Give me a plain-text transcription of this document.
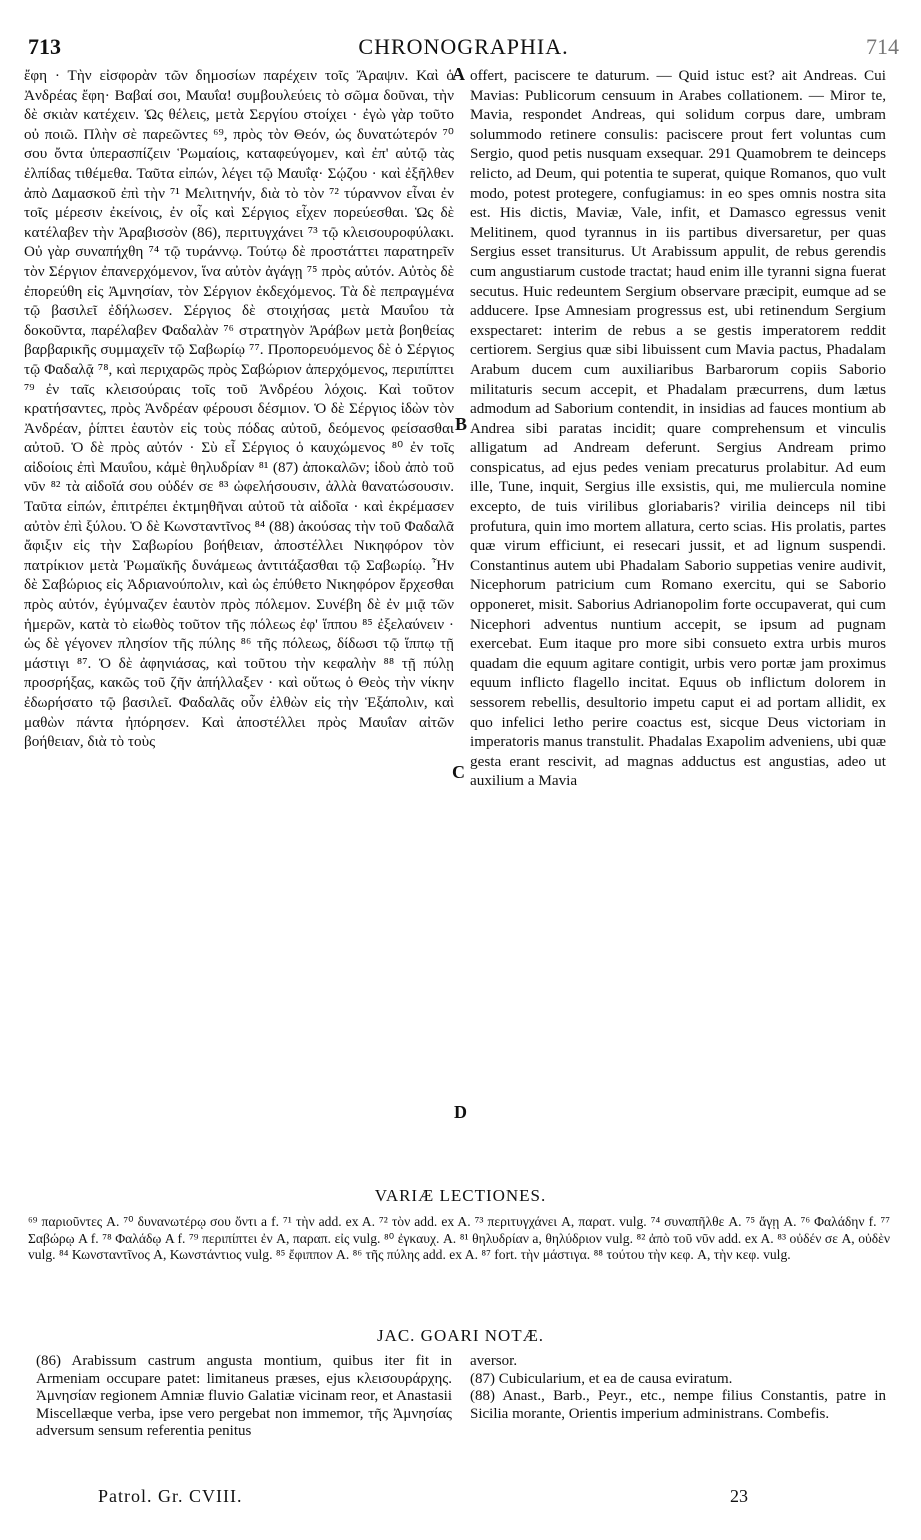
713	CHRONOGRAPHIA.	714

ἔφη · Τὴν εἰσφορὰν τῶν δημοσίων παρέχειν τοῖς Ἄραψιν. Καὶ ὁ Ἀνδρέας ἔφη· Βαβαί σοι, Μαυΐα! συμβουλεύεις τὸ σῶμα δοῦναι, τὴν δὲ σκιὰν κατέχειν. Ὡς θέλεις, μετὰ Σεργίου στοίχει · ἐγὼ γὰρ τοῦτο οὐ ποιῶ. Πλὴν σὲ παρεῶντες ⁶⁹, πρὸς τὸν Θεόν, ὡς δυνατώτερόν ⁷⁰ σου ὄντα ὑπερασπίζειν Ῥωμαίοις, καταφεύγομεν, καὶ ἐπ' αὐτῷ τὰς ἐλπίδας τιθέμεθα. Ταῦτα εἰπών, λέγει τῷ Μαυΐᾳ· Σῴζου · καὶ ἐξῆλθεν ἀπὸ Δαμασκοῦ ἐπὶ τὴν ⁷¹ Μελιτηνήν, διὰ τὸ τὸν ⁷² τύραννον εἶναι ἐν τοῖς μέρεσιν ἐκείνοις, ἐν οἷς καὶ Σέργιος εἶχεν πορεύεσθαι. Ὡς δὲ κατέλαβεν τὴν Ἀραβισσὸν (86), περιτυγχάνει ⁷³ τῷ κλεισουροφύλακι. Οὐ γὰρ συναπήχθη ⁷⁴ τῷ τυράννῳ. Τούτῳ δὲ προστάττει παρατηρεῖν τὸν Σέργιον ἐπανερχόμενον, ἵνα αὐτὸν ἀγάγῃ ⁷⁵ πρὸς αὐτόν. Αὐτὸς δὲ ἐπορεύθη εἰς Ἀμνησίαν, τὸν Σέργιον ἐκδεχόμενος. Τὰ δὲ πεπραγμένα τῷ βασιλεῖ ἐδήλωσεν. Σέργιος δὲ στοιχήσας μετὰ Μαυΐου τὰ δοκοῦντα, παρέλαβεν Φαδαλὰν ⁷⁶ στρατηγὸν Ἀράβων μετὰ βοηθείας βαρβαρικῆς συμμαχεῖν τῷ Σαβωρίῳ ⁷⁷. Προπορευόμενος δὲ ὁ Σέργιος τῷ Φαδαλᾷ ⁷⁸, καὶ περιχαρῶς πρὸς Σαβώριον ἀπερχόμενος, περιπίπτει ⁷⁹ ἐν ταῖς κλεισούραις τοῖς τοῦ Ἀνδρέου λόχοις. Καὶ τοῦτον κρατήσαντες, πρὸς Ἀνδρέαν φέρουσι δέσμιον. Ὁ δὲ Σέργιος ἰδὼν τὸν Ἀνδρέαν, ῥίπτει ἑαυτὸν εἰς τοὺς πόδας αὐτοῦ, δεόμενος φείσασθαι αὐτοῦ. Ὁ δὲ πρὸς αὐτόν · Σὺ εἶ Σέργιος ὁ καυχώμενος ⁸⁰ ἐν τοῖς αἰδοίοις ἐπὶ Μαυΐου, κἀμὲ θηλυδρίαν ⁸¹ (87) ἀποκαλῶν; ἰδοὺ ἀπὸ τοῦ νῦν ⁸² τὰ αἰδοῖά σου οὐδέν σε ⁸³ ὠφελήσουσιν, ἀλλὰ θανατώσουσιν. Ταῦτα εἰπών, ἐπιτρέπει ἐκτμηθῆναι αὐτοῦ τὰ αἰδοῖα · καὶ ἐκρέμασεν αὐτὸν ἐπὶ ξύλου. Ὁ δὲ Κωνσταντῖνος ⁸⁴ (88) ἀκούσας τὴν τοῦ Φαδαλᾶ ἄφιξιν εἰς τὴν Σαβωρίου βοήθειαν, ἀποστέλλει Νικηφόρον τὸν πατρίκιον μετὰ Ῥωμαϊκῆς δυνάμεως ἀντιτάξασθαι τῷ Σαβωρίῳ. Ἦν δὲ Σαβώριος εἰς Ἀδριανούπολιν, καὶ ὡς ἐπύθετο Νικηφόρον ἔρχεσθαι πρὸς αὐτόν, ἐγύμναζεν ἑαυτὸν πρὸς πόλεμον. Συνέβη δὲ ἐν μιᾷ τῶν ἡμερῶν, κατὰ τὸ εἰωθὸς τοῦτον τῆς πόλεως ἐφ' ἵππου ⁸⁵ ἐξελαύνειν · ὡς δὲ γέγονεν πλησίον τῆς πύλης ⁸⁶ τῆς πόλεως, δίδωσι τῷ ἵππῳ τῇ μάστιγι ⁸⁷. Ὁ δὲ ἀφηνιάσας, καὶ τοῦτου τὴν κεφαλὴν ⁸⁸ τῇ πύλῃ προσρήξας, κακῶς τοῦ ζῆν ἀπήλλαξεν · καὶ οὕτως ὁ Θεὸς τὴν νίκην ἐδωρήσατο τῷ βασιλεῖ. Φαδαλᾶς οὖν ἐλθὼν εἰς τὴν Ἑξάπολιν, καὶ μαθὼν πάντα ἠπόρησεν. Καὶ ἀποστέλλει πρὸς Μαυΐαν αἰτῶν βοήθειαν, διὰ τὸ τοὺς

offert, paciscere te daturum. — Quid istuc est? ait Andreas. Cui Mavias: Publicorum censuum in Arabes collationem. — Miror te, Mavia, respondet Andreas, qui solidum corpus dare, umbram solummodo retinere consulis: paciscere prout fert voluntas cum Sergio, quod petis nusquam exsequar. 291 Quamobrem te deinceps relicto, ad Deum, qui potentia te superat, quique Romanos, quo vult modo, potest protegere, confugiamus: in eo spes omnis nostra sita est. His dictis, Maviæ, Vale, infit, et Damasco egressus venit Melitinem, quod tyrannus in iis partibus diversaretur, per quas Sergius esset transiturus. Ut Arabissum appulit, de rebus gerendis cum angustiarum custode tractat; haud enim ille tyranni signa fuerat secutus. Huic redeuntem Sergium observare præcipit, eumque ad se adducere. Ipse Amnesiam progressus est, ubi retinendum Sergium exspectaret: interim de rebus a se gestis imperatorem reddit certiorem. Sergius quæ sibi libuissent cum Mavia pactus, Phadalam Arabum ducem cum auxiliaribus Barbarorum copiis Saborio militaturis secum accepit, et Phadalam præcurrens, dum lætus admodum ad Saborium contendit, in insidias ad fauces montium ab Andrea sibi paratas incidit; quare comprehensum et vinculis alligatum ad Andream deferunt. Sergius Andream primo conspicatus, ad ejus pedes veniam precaturus prolabitur. Ad eum ille, Tune, inquit, Sergius ille exsistis, qui, me muliercula nomine excepto, de tuis virilibus gloriabaris? virilia deinceps nil tibi profutura, quin imo mortem allatura, certo scias. His prolatis, partes quæ virum efficiunt, ei resecari jussit, et ad lignum suspendi. Constantinus autem ubi Phadalam Saborio suppetias venire audivit, Nicephorum patricium cum Romano exercitu, qui se Saborio opponeret, misit. Saborius Adrianopolim forte occupaverat, qui cum Nicephori adventus nuntium accepit, se ipsum ad pugnam exercebat. Eum itaque pro more sibi consueto extra urbis muros quadam die equum agitare contigit, urbis vero portæ jam proximus equum inflicto flagello incitat. Equus ob inflictum dolorem in sessorem rebellis, desultorio impetu caput ei ad portam allidit, ex quo infelici letho perire coactus est, sicque Deus victoriam in imperatoris manus transtulit. Phadalas Exapolim adveniens, ubi quæ gesta erant rescivit, ad magnas adductus est angustias, adeo ut auxilium a Mavia

A
B
C
D
VARIÆ LECTIONES.

⁶⁹ παριοῦντες A. ⁷⁰ δυνανωτέρῳ σου ὄντι a f. ⁷¹ τὴν add. ex A. ⁷² τὸν add. ex A. ⁷³ περιτυγχάνει A, παρατ. vulg. ⁷⁴ συναπῆλθε A. ⁷⁵ ἄγῃ A. ⁷⁶ Φαλάδην f. ⁷⁷ Σαβώρῳ A f. ⁷⁸ Φαλάδῳ A f. ⁷⁹ περιπίπτει ἐν A, παραπ. εἰς vulg. ⁸⁰ ἐγκαυχ. A. ⁸¹ θηλυδρίαν a, θηλύδριον vulg. ⁸² ἀπὸ τοῦ νῦν add. ex A. ⁸³ οὐδέν σε A, οὐδὲν vulg. ⁸⁴ Κωνσταντῖνος A, Κωνστάντιος vulg. ⁸⁵ ἔφιππον A. ⁸⁶ τῆς πύλης add. ex A. ⁸⁷ fort. τὴν μάστιγα. ⁸⁸ τούτου τὴν κεφ. A, τὴν κεφ. vulg.

JAC. GOARI NOTÆ.

(86) Arabissum castrum angusta montium, quibus iter fit in Armeniam occupare patet: limitaneus præses, ejus κλεισουράρχης. Ἀμνησίαν regionem Amniæ fluvio Galatiæ vicinam reor, et Anastasii Miscellæque verba, ipse vero pergebat non immemor, τῆς Ἀμνησίας adversum sensum referentia penitus

aversor.

(87) Cubicularium, et ea de causa eviratum.

(88) Anast., Barb., Peyr., etc., nempe filius Constantis, patre in Sicilia morante, Orientis imperium administrans. Combefis.

Patrol. Gr. CVIII.	23
